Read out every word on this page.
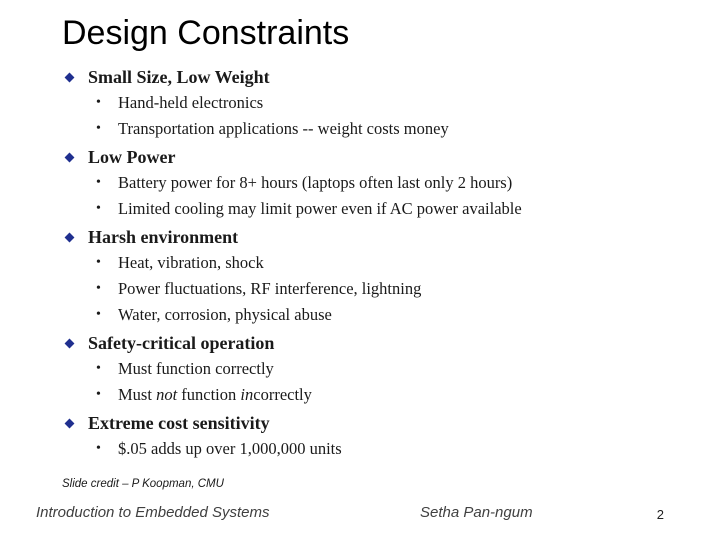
Design Constraints
Small Size, Low Weight
•	Hand-held electronics
•	Transportation applications -- weight costs money
Low Power
•	Battery power for 8+ hours (laptops often last only 2 hours)
•	Limited cooling may limit power even if AC power available
Harsh environment
•	Heat, vibration, shock
•	Power fluctuations, RF interference, lightning
•	Water, corrosion, physical abuse
Safety-critical operation
•	Must function correctly
•	Must not function incorrectly
Extreme cost sensitivity
•	$.05 adds up over 1,000,000 units
Slide credit – P Koopman, CMU
Introduction to Embedded Systems	Setha Pan-ngum	2
